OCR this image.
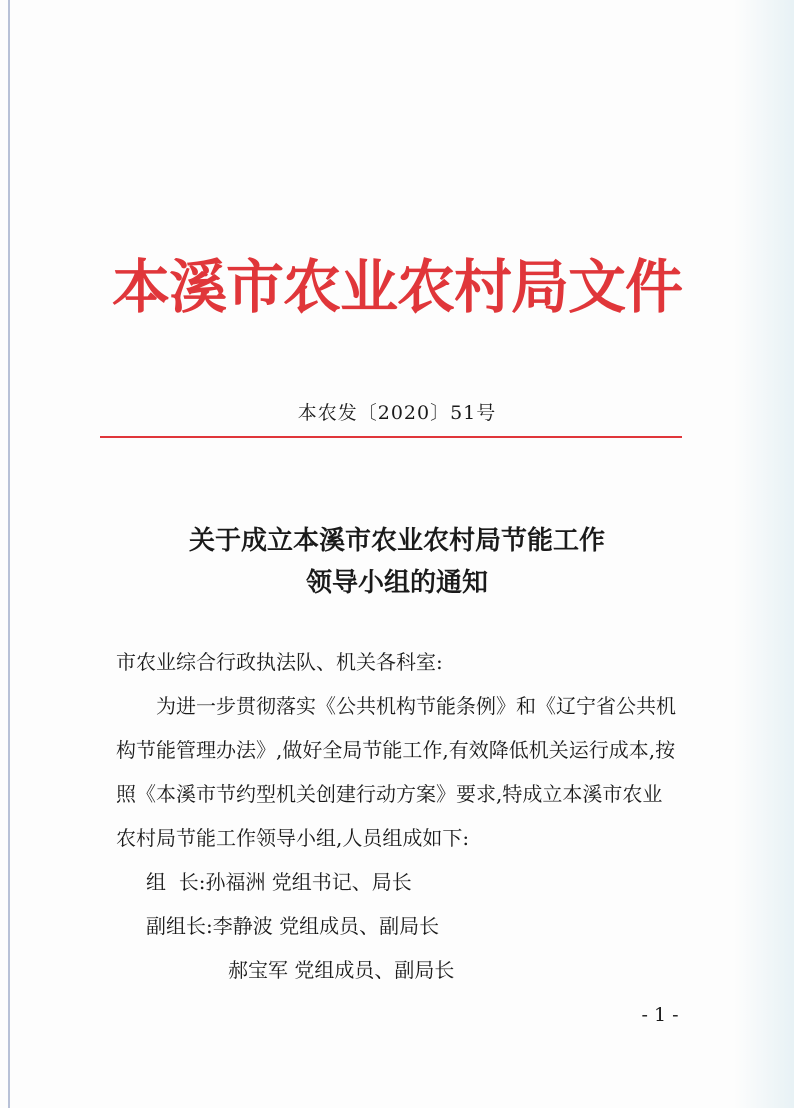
本溪市农业农村局文件
本农发〔2020〕51号
关于成立本溪市农业农村局节能工作
领导小组的通知

市农业综合行政执法队、机关各科室:

为进一步贯彻落实《公共机构节能条例》和《辽宁省公共机构节能管理办法》,做好全局节能工作,有效降低机关运行成本,按照《本溪市节约型机关创建行动方案》要求,特成立本溪市农业农村局节能工作领导小组,人员组成如下:

组  长:孙福洲 党组书记、局长
副组长:李静波 党组成员、副局长
郝宝军 党组成员、副局长
- 1 -
